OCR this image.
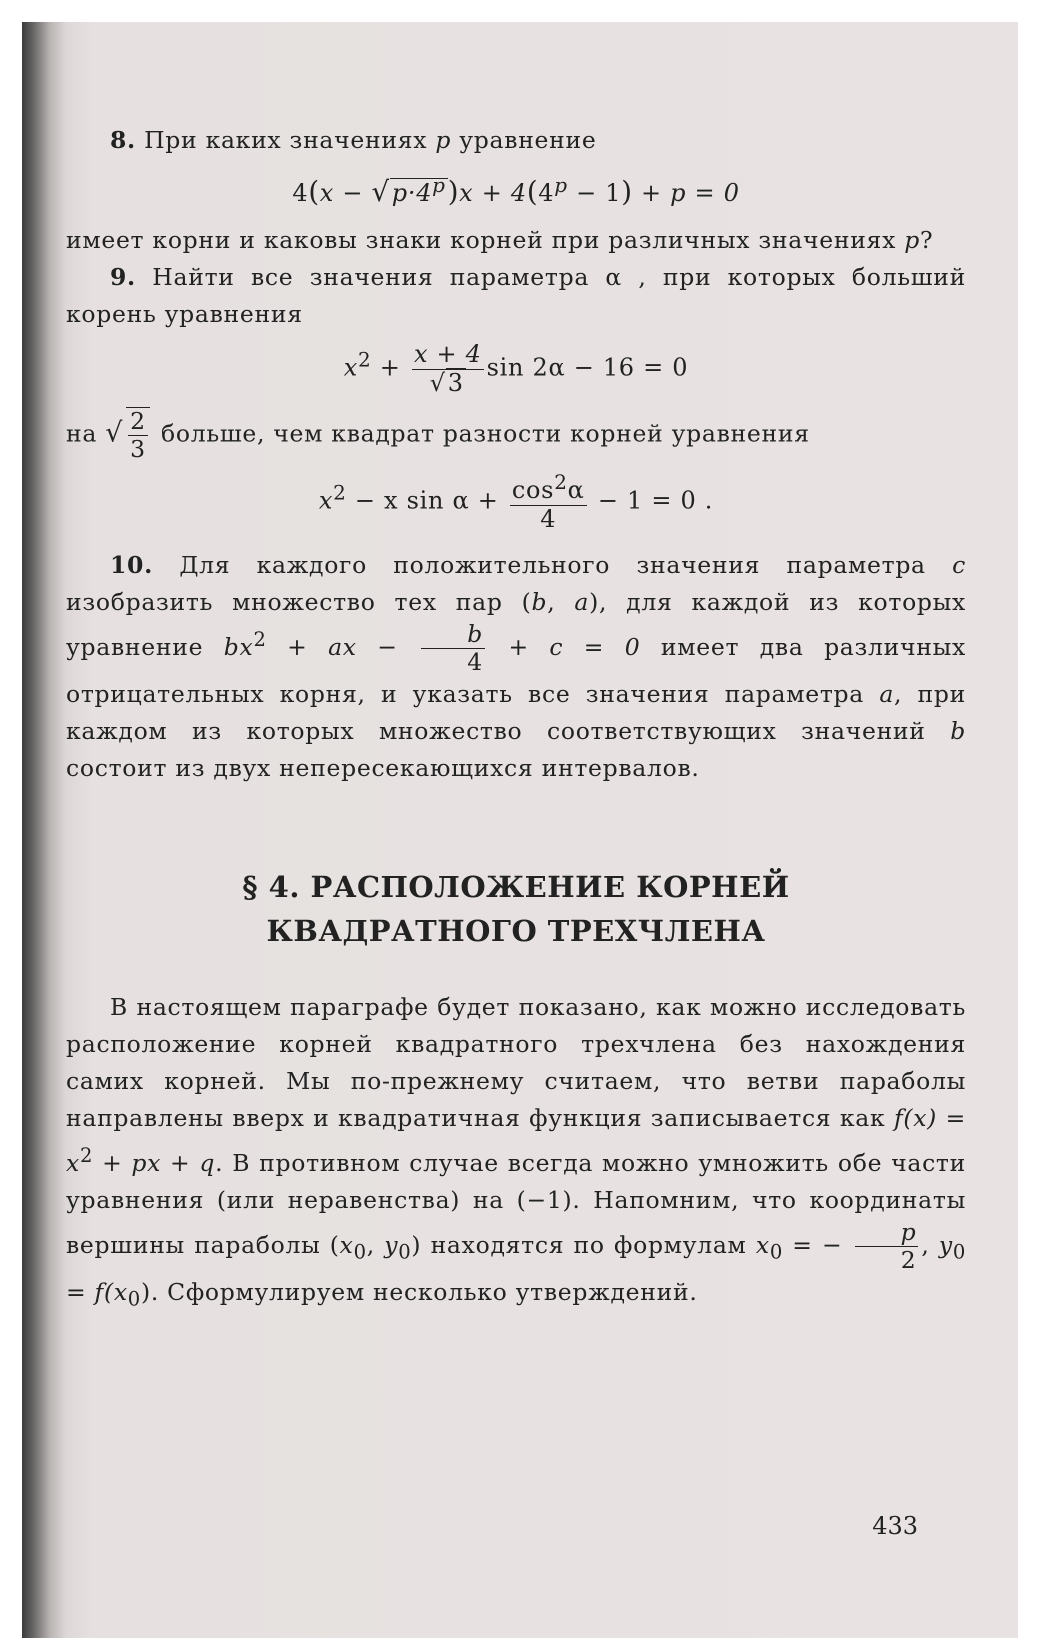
8. При каких значениях p уравнение

$4(x - √p\cdot 4^p)x + 4(4^p - 1) + p = 0$

имеет корни и каковы знаки корней при различных значениях p?

9. Найти все значения параметра α , при которых больший корень уравнения

$x^2 + \frac{x + 4}{√3}$ sin 2α − 16 = 0

на √ $\frac{2}{3}$ больше, чем квадрат разности корней уравнения

$x^2 - x$ $\sin \alpha + \frac{\cos^2\alpha}{4} - 1 = 0$ .

10. Для каждого положительного значения параметра c изобразить множество тех пар (b, a), для каждой из которых уравнение $bx^2$ + ax − $\frac{b}{4} + c = 0$ имеет два различных отрицательных корня, и указать все значения параметра a, при каждом из которых множество соответствующих значений b состоит из двух непересекающихся интервалов.

§ 4. РАСПОЛОЖЕНИЕ КОРНЕЙ
КВАДРАТНОГО ТРЕХЧЛЕНА

В настоящем параграфе будет показано, как можно исследовать расположение корней квадратного трехчлена без нахождения самих корней. Мы по-прежнему считаем, что ветви параболы направлены вверх и квадратичная функция записывается как $f(x) = x^2$ + px + q. В противном случае всегда можно умножить обе части уравнения (или неравенства) на (−1). Напомним, что координаты вершины параболы ($x_0$, $y_0$) находятся по формулам $x_0$ = − $\frac{p}{2}$ , $y_0 = f(x_0)$. Сформулируем несколько утверждений.

433
